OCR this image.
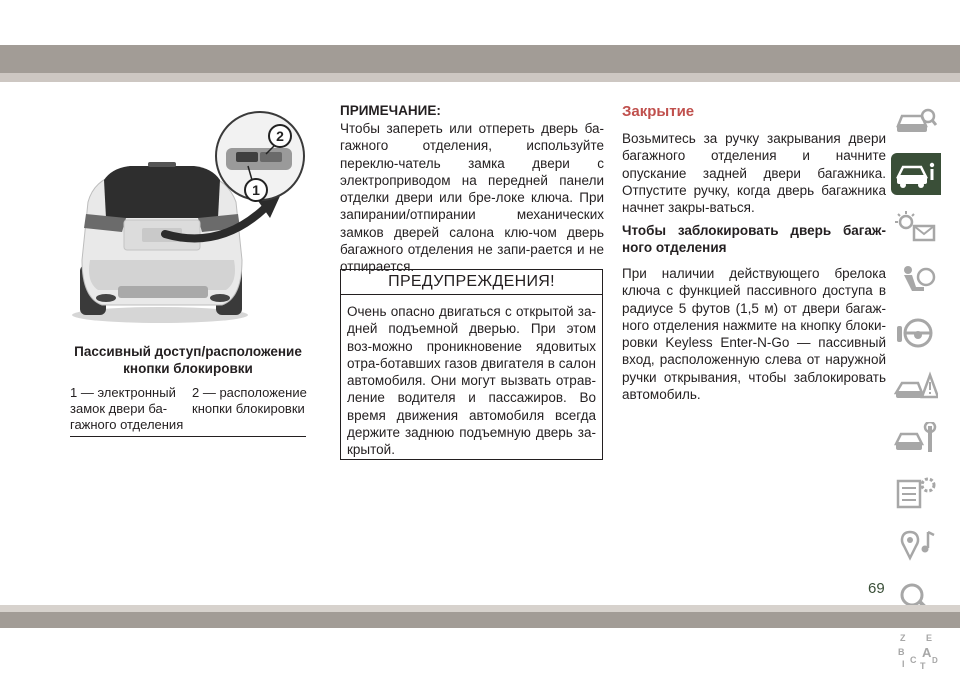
2
1
Пассивный доступ/расположение кнопки блокировки
1 — электронный замок двери ба-гажного отделения
2 — расположение кнопки блокировки
ПРИМЕЧАНИЕ:
Чтобы запереть или отпереть дверь ба-гажного отделения, используйте переклю-чатель замка двери с электроприводом на передней панели отделки двери или бре-локе ключа. При запирании/отпирании механических замков дверей салона клю-чом дверь багажного отделения не запи-рается и не отпирается.
ПРЕДУПРЕЖДЕНИЯ!
Очень опасно двигаться с открытой за-дней подъемной дверью. При этом воз-можно проникновение ядовитых отра-ботавших газов двигателя в салон автомобиля. Они могут вызвать отрав-ление водителя и пассажиров. Во время движения автомобиля всегда держите заднюю подъемную дверь за-крытой.
Закрытие
Возьмитесь за ручку закрывания двери багажного отделения и начните опускание задней двери багажника. Отпустите ручку, когда дверь багажника начнет закры-ваться.
Чтобы заблокировать дверь багаж-ного отделения
При наличии действующего брелока ключа с функцией пассивного доступа в радиусе 5 футов (1,5 м) от двери багаж-ного отделения нажмите на кнопку блоки-ровки Keyless Enter-N-Go — пассивный вход, расположенную слева от наружной ручки открывания, чтобы заблокировать автомобиль.
Z E
B A
D
I C
T
69
